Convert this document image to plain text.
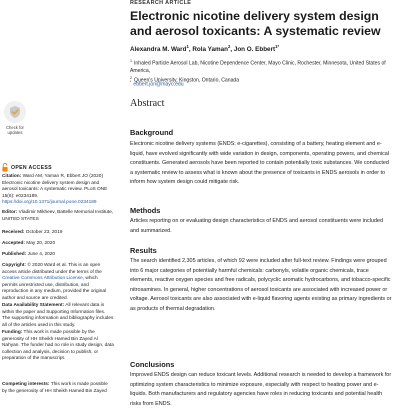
RESEARCH ARTICLE
Electronic nicotine delivery system design and aerosol toxicants: A systematic review
Alexandra M. Ward$^1$, Rola Yaman$^2$, Jon O. Ebbert$^{1*}$
$^1$ Inhaled Particle Aerosol Lab, Nicotine Dependence Center, Mayo Clinic, Rochester, Minnesota, United States of America,
$^2$ Queen's University, Kingston, Ontario, Canada
* ebbert.jon@mayo.edu
Abstract
Background
Electronic nicotine delivery systems (ENDS; e-cigarettes), consisting of a battery, heating element and e-liquid, have evolved significantly with wide variation in design, components, operating powers, and chemical constituents. Generated aerosols have been reported to contain potentially toxic substances. We conducted a systematic review to assess what is known about the presence of toxicants in ENDS aerosols in order to inform how system design could mitigate risk.
Methods
Articles reporting on or evaluating design characteristics of ENDS and aerosol constituents were included and summarized.
Results
The search identified 2,305 articles, of which 92 were included after full-text review. Findings were grouped into 6 major categories of potentially harmful chemicals: carbonyls, volatile organic chemicals, trace elements, reactive oxygen species and free radicals, polycyclic aromatic hydrocarbons, and tobacco-specific nitrosamines. In general, higher concentrations of aerosol toxicants are associated with increased power or voltage. Aerosol toxicants are also associated with e-liquid flavoring agents existing as primary ingredients or as products of thermal degradation.
Conclusions
Improved ENDS design can reduce toxicant levels. Additional research is needed to develop a framework for optimizing system characteristics to minimize exposure, especially with respect to heating power and e-liquids. Both manufacturers and regulatory agencies have roles in reducing toxicants and potential health risks from ENDS.
Check for
updates
OPEN ACCESS
Citation: Ward AM, Yaman R, Ebbert JO (2020) Electronic nicotine delivery system design and aerosol toxicants: A systematic review. PLoS ONE 15(6): e0234189. https://doi.org/10.1371/journal.pone.0234189
Editor: Vladimir Mikheev, Battelle Memorial Institute, UNITED STATES
Received: October 23, 2019
Accepted: May 20, 2020
Published: June 4, 2020
Copyright: © 2020 Ward et al. This is an open access article distributed under the terms of the Creative Commons Attribution License, which permits unrestricted use, distribution, and reproduction in any medium, provided the original author and source are credited.
Data Availability Statement: All relevant data is within the paper and Supporting Information files. The supporting information and bibliography includes all of the articles used in this study.
Funding: This work is made possible by the generosity of HH Sheikh Hamed Bin Zayed Al Nahyan. The funder had no role in study design, data collection and analysis, decision to publish, or preparation of the manuscript.
Competing interests: This work is made possible by the generosity of HH Sheikh Hamed Bin Zayed
